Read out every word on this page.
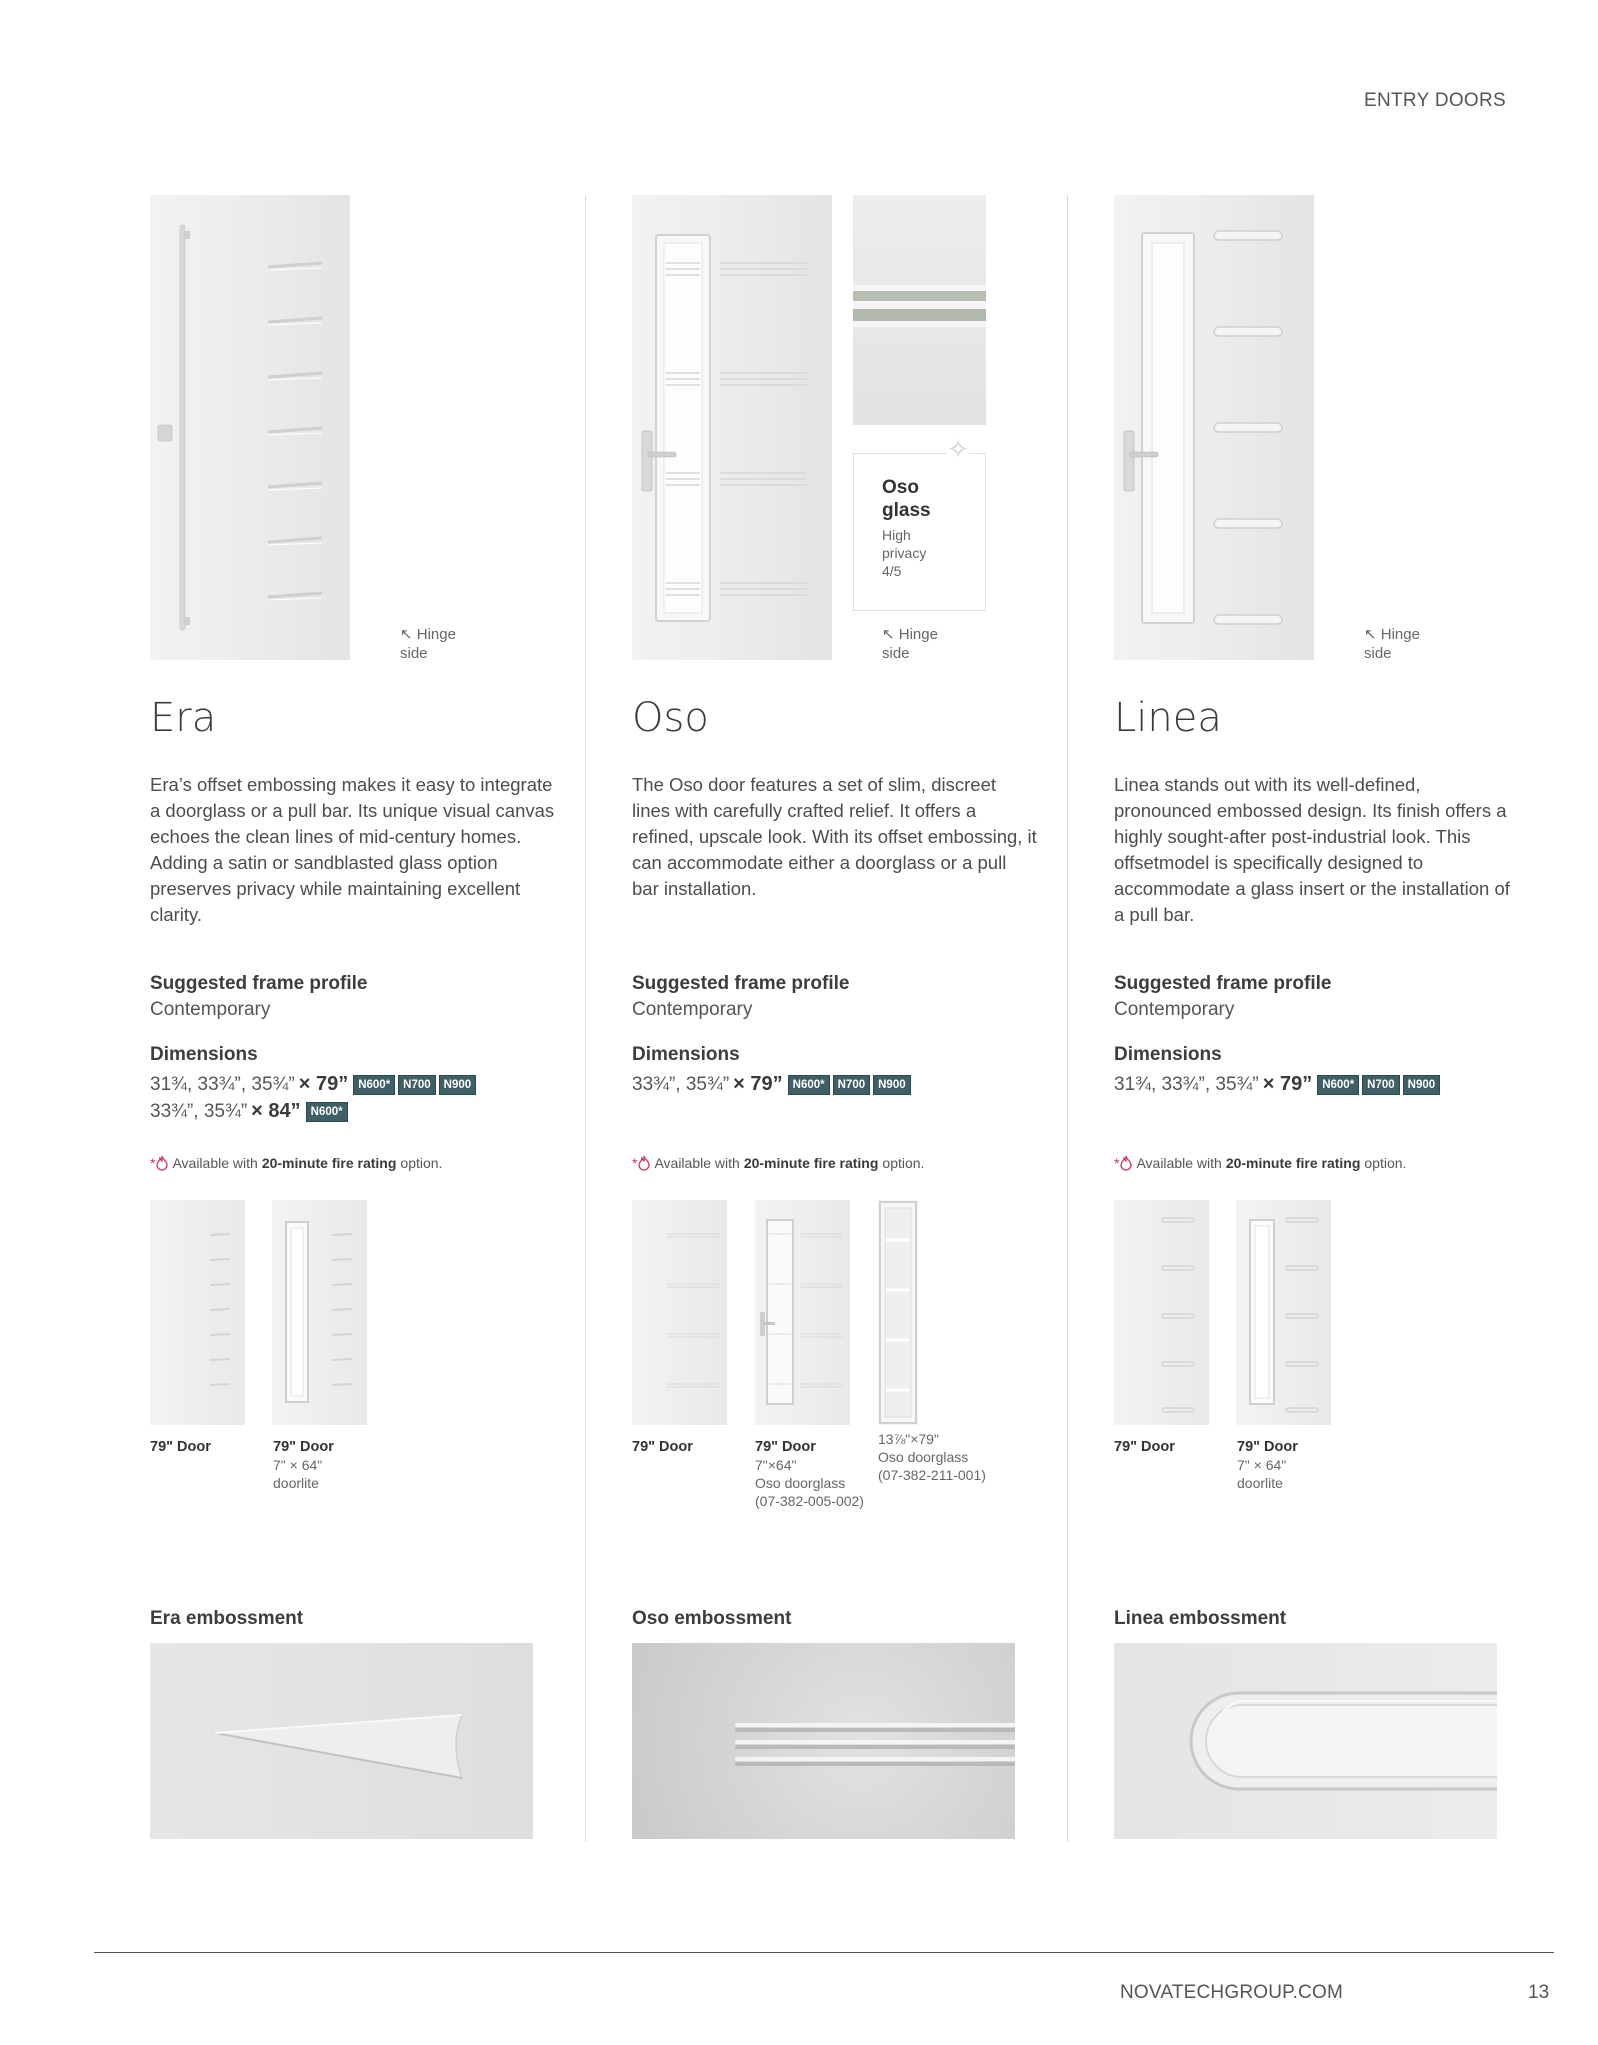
ENTRY DOORS
↖ Hinge
side
Era
Era’s offset embossing makes it easy to integrate a doorglass or a pull bar. Its unique visual canvas echoes the clean lines of mid-century homes. Adding a satin or sandblasted glass option preserves privacy while maintaining excellent clarity.
Suggested frame profile
Contemporary
Dimensions
31¾, 33¾”, 35¾” × 79” N600*	N700	N900
33¾”, 35¾” × 84” N600*
* Available with 20-minute fire rating option.
79" Door	79" Door
7" × 64"
doorlite
Era embossment
✧
Oso
glass
High
privacy
4/5
↖ Hinge
side
Oso
The Oso door features a set of slim, discreet lines with carefully crafted relief. It offers a refined, upscale look. With its offset embossing, it can accommodate either a doorglass or a pull bar installation.
Suggested frame profile
Contemporary
Dimensions
33¾”, 35¾” × 79” N600*	N700	N900
* Available with 20-minute fire rating option.
79" Door	79" Door
7"×64"
Oso doorglass
(07-382-005-002)
13⅞"×79"
Oso doorglass
(07-382-211-001)
Oso embossment
↖ Hinge
side
Linea
Linea stands out with its well-defined, pronounced embossed design. Its finish offers a highly sought-after post-industrial look. This offsetmodel is specifically designed to accommodate a glass insert or the installation of a pull bar.
Suggested frame profile
Contemporary
Dimensions
31¾, 33¾”, 35¾” × 79” N600*	N700	N900
* Available with 20-minute fire rating option.
79" Door	79" Door
7" × 64"
doorlite
Linea embossment
NOVATECHGROUP.COM	13
